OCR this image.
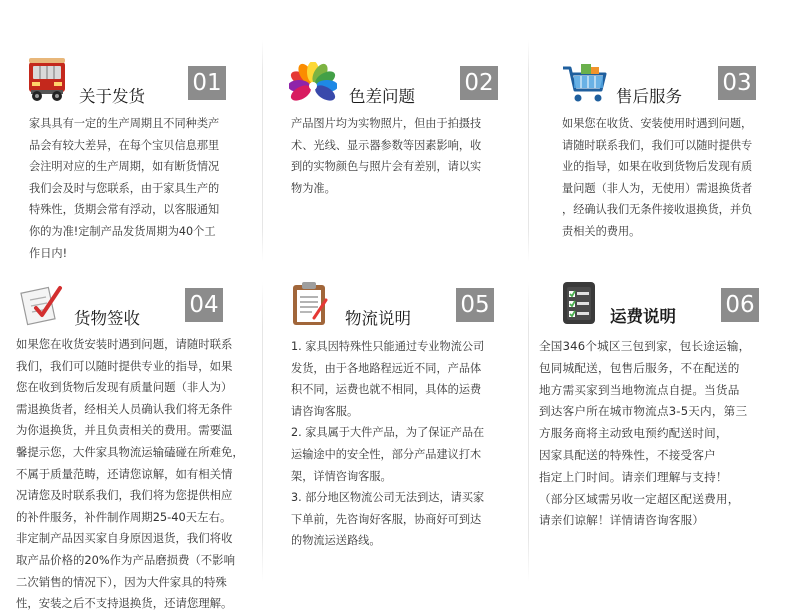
关于发货
01

家具具有一定的生产周期且不同种类产

品会有较大差异，在每个宝贝信息那里

会注明对应的生产周期，如有断货情况

我们会及时与您联系，由于家具生产的

特殊性，货期会常有浮动，以客服通知

你的为准!定制产品发货周期为40个工

作日内!

色差问题
02

产品图片均为实物照片，但由于拍摄技

术、光线、显示器参数等因素影响，收

到的实物颜色与照片会有差别，请以实

物为准。

售后服务
03

如果您在收货、安装使用时遇到问题，

请随时联系我们，我们可以随时提供专

业的指导，如果在收到货物后发现有质

量问题（非人为，无使用）需退换货者

，经确认我们无条件接收退换货，并负

责相关的费用。

货物签收
04

如果您在收货安装时遇到问题，请随时联系

我们，我们可以随时提供专业的指导，如果

您在收到货物后发现有质量问题（非人为）

需退换货者，经相关人员确认我们将无条件

为你退换货，并且负责相关的费用。需要温

馨提示您，大件家具物流运输磕碰在所难免，

不属于质量范畴，还请您谅解，如有相关情

况请您及时联系我们，我们将为您提供相应

的补件服务，补件制作周期25-40天左右。

非定制产品因买家自身原因退货，我们将收

取产品价格的20%作为产品磨损费（不影响

二次销售的情况下），因为大件家具的特殊

性，安装之后不支持退换货，还请您理解。

物流说明
05

1. 家具因特殊性只能通过专业物流公司

发货，由于各地路程远近不同，产品体

积不同，运费也就不相同，具体的运费

请咨询客服。

2. 家具属于大件产品，为了保证产品在

运输途中的安全性，部分产品建议打木

架，详情咨询客服。

3. 部分地区物流公司无法到达，请买家

下单前，先咨询好客服，协商好可到达

的物流运送路线。

运费说明 06

全国346个城区三包到家，包长途运输，

包同城配送，包售后服务，不在配送的

地方需买家到当地物流点自提。当货品

到达客户所在城市物流点3-5天内，第三

方服务商将主动致电预约配送时间，

因家具配送的特殊性，不接受客户

指定上门时间。请亲们理解与支持！

（部分区域需另收一定超区配送费用，

请亲们谅解！详情请咨询客服）
